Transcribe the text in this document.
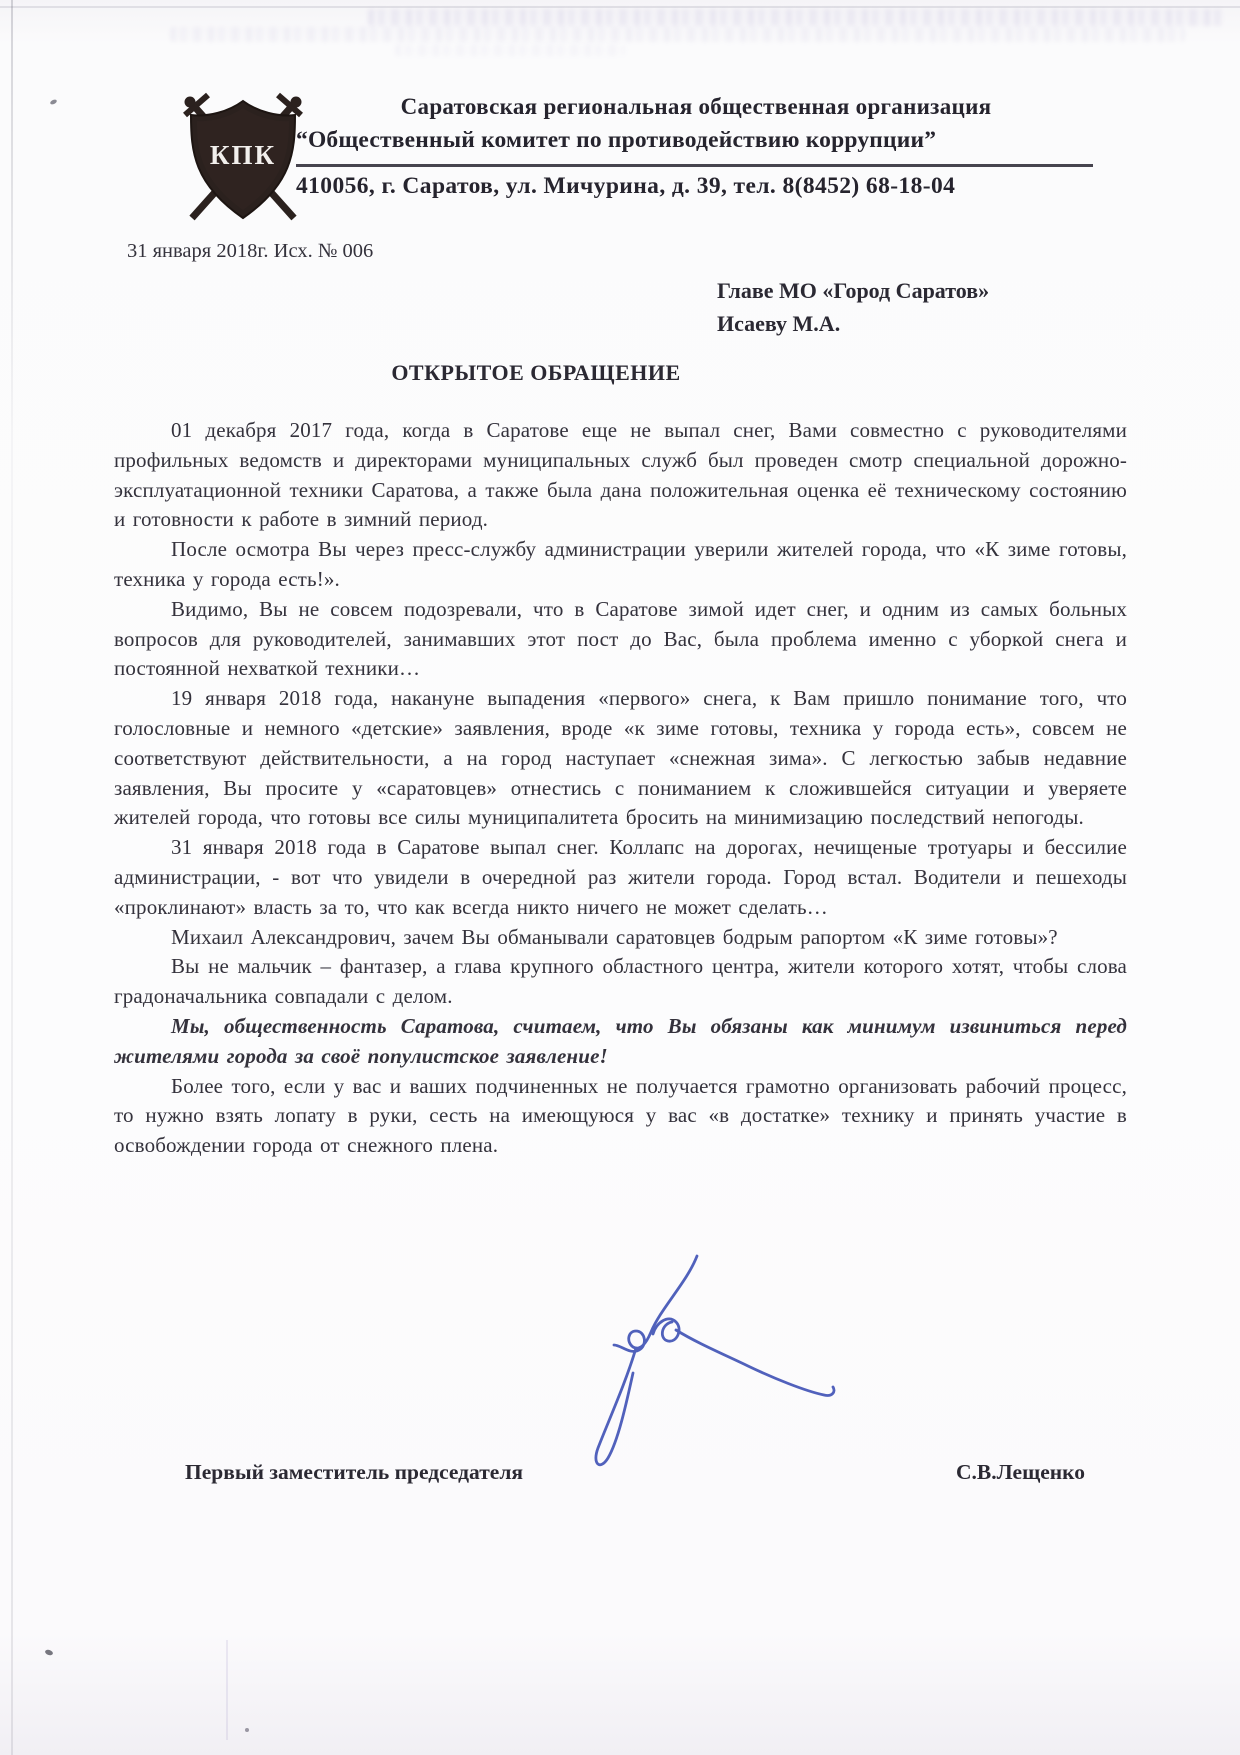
КПК
Саратовская региональная общественная организация
“Общественный комитет по противодействию коррупции”
410056, г. Саратов, ул. Мичурина, д. 39, тел. 8(8452) 68-18-04
31 января 2018г. Исх. № 006
Главе МО «Город Саратов»
Исаеву М.А.
ОТКРЫТОЕ ОБРАЩЕНИЕ

01 декабря 2017 года, когда в Саратове еще не выпал снег, Вами совместно с руководителями профильных ведомств и директорами муниципальных служб был проведен смотр специальной дорожно-эксплуатационной техники Саратова, а также была дана положительная оценка её техническому состоянию и готовности к работе в зимний период.

После осмотра Вы через пресс-службу администрации уверили жителей города, что «К зиме готовы, техника у города есть!».

Видимо, Вы не совсем подозревали, что в Саратове зимой идет снег, и одним из самых больных вопросов для руководителей, занимавших этот пост до Вас, была проблема именно с уборкой снега и постоянной нехваткой техники…

19 января 2018 года, накануне выпадения «первого» снега, к Вам пришло понимание того, что голословные и немного «детские» заявления, вроде «к зиме готовы, техника у города есть», совсем не соответствуют действительности, а на город наступает «снежная зима». С легкостью забыв недавние заявления, Вы просите у «саратовцев» отнестись с пониманием к сложившейся ситуации и уверяете жителей города, что готовы все силы муниципалитета бросить на минимизацию последствий непогоды.

31 января 2018 года в Саратове выпал снег. Коллапс на дорогах, нечищеные тротуары и бессилие администрации, - вот что увидели в очередной раз жители города. Город встал. Водители и пешеходы «проклинают» власть за то, что как всегда никто ничего не может сделать…

Михаил Александрович, зачем Вы обманывали саратовцев бодрым рапортом «К зиме готовы»?

Вы не мальчик – фантазер, а глава крупного областного центра, жители которого хотят, чтобы слова градоначальника совпадали с делом.

Мы, общественность Саратова, считаем, что Вы обязаны как минимум извиниться перед жителями города за своё популистское заявление!

Более того, если у вас и ваших подчиненных не получается грамотно организовать рабочий процесс, то нужно взять лопату в руки, сесть на имеющуюся у вас «в достатке» технику и принять участие в освобождении города от снежного плена.

Первый заместитель председателя	С.В.Лещенко
